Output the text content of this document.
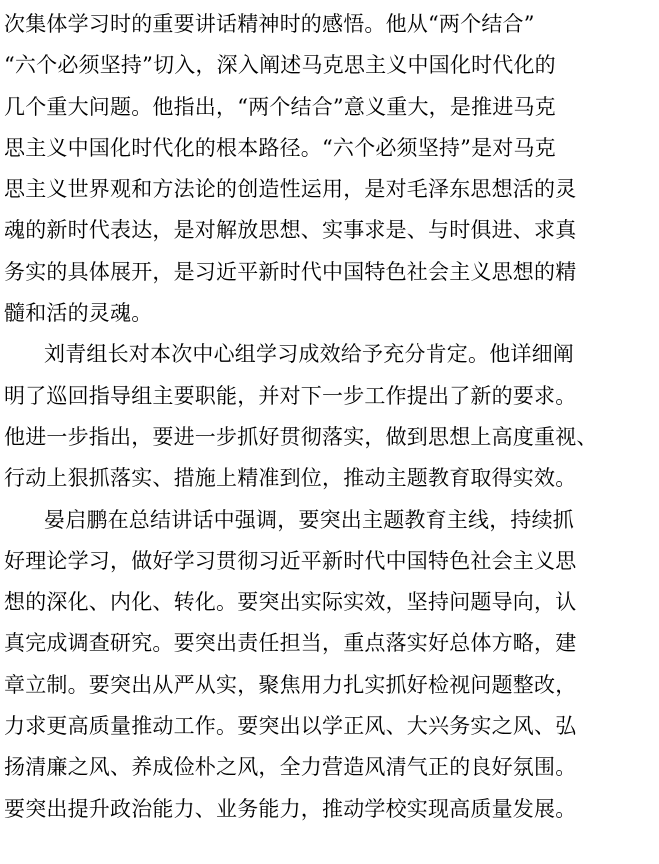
次集体学习时的重要讲话精神时的感悟。他从“两个结合”
“六个必须坚持”切入，深入阐述马克思主义中国化时代化的
几个重大问题。他指出，“两个结合”意义重大，是推进马克
思主义中国化时代化的根本路径。“六个必须坚持”是对马克
思主义世界观和方法论的创造性运用，是对毛泽东思想活的灵
魂的新时代表达，是对解放思想、实事求是、与时俱进、求真
务实的具体展开，是习近平新时代中国特色社会主义思想的精
髓和活的灵魂。
刘青组长对本次中心组学习成效给予充分肯定。他详细阐
明了巡回指导组主要职能，并对下一步工作提出了新的要求。
他进一步指出，要进一步抓好贯彻落实，做到思想上高度重视、
行动上狠抓落实、措施上精准到位，推动主题教育取得实效。
晏启鹏在总结讲话中强调，要突出主题教育主线，持续抓
好理论学习，做好学习贯彻习近平新时代中国特色社会主义思
想的深化、内化、转化。要突出实际实效，坚持问题导向，认
真完成调查研究。要突出责任担当，重点落实好总体方略，建
章立制。要突出从严从实，聚焦用力扎实抓好检视问题整改，
力求更高质量推动工作。要突出以学正风、大兴务实之风、弘
扬清廉之风、养成俭朴之风，全力营造风清气正的良好氛围。
要突出提升政治能力、业务能力，推动学校实现高质量发展。
